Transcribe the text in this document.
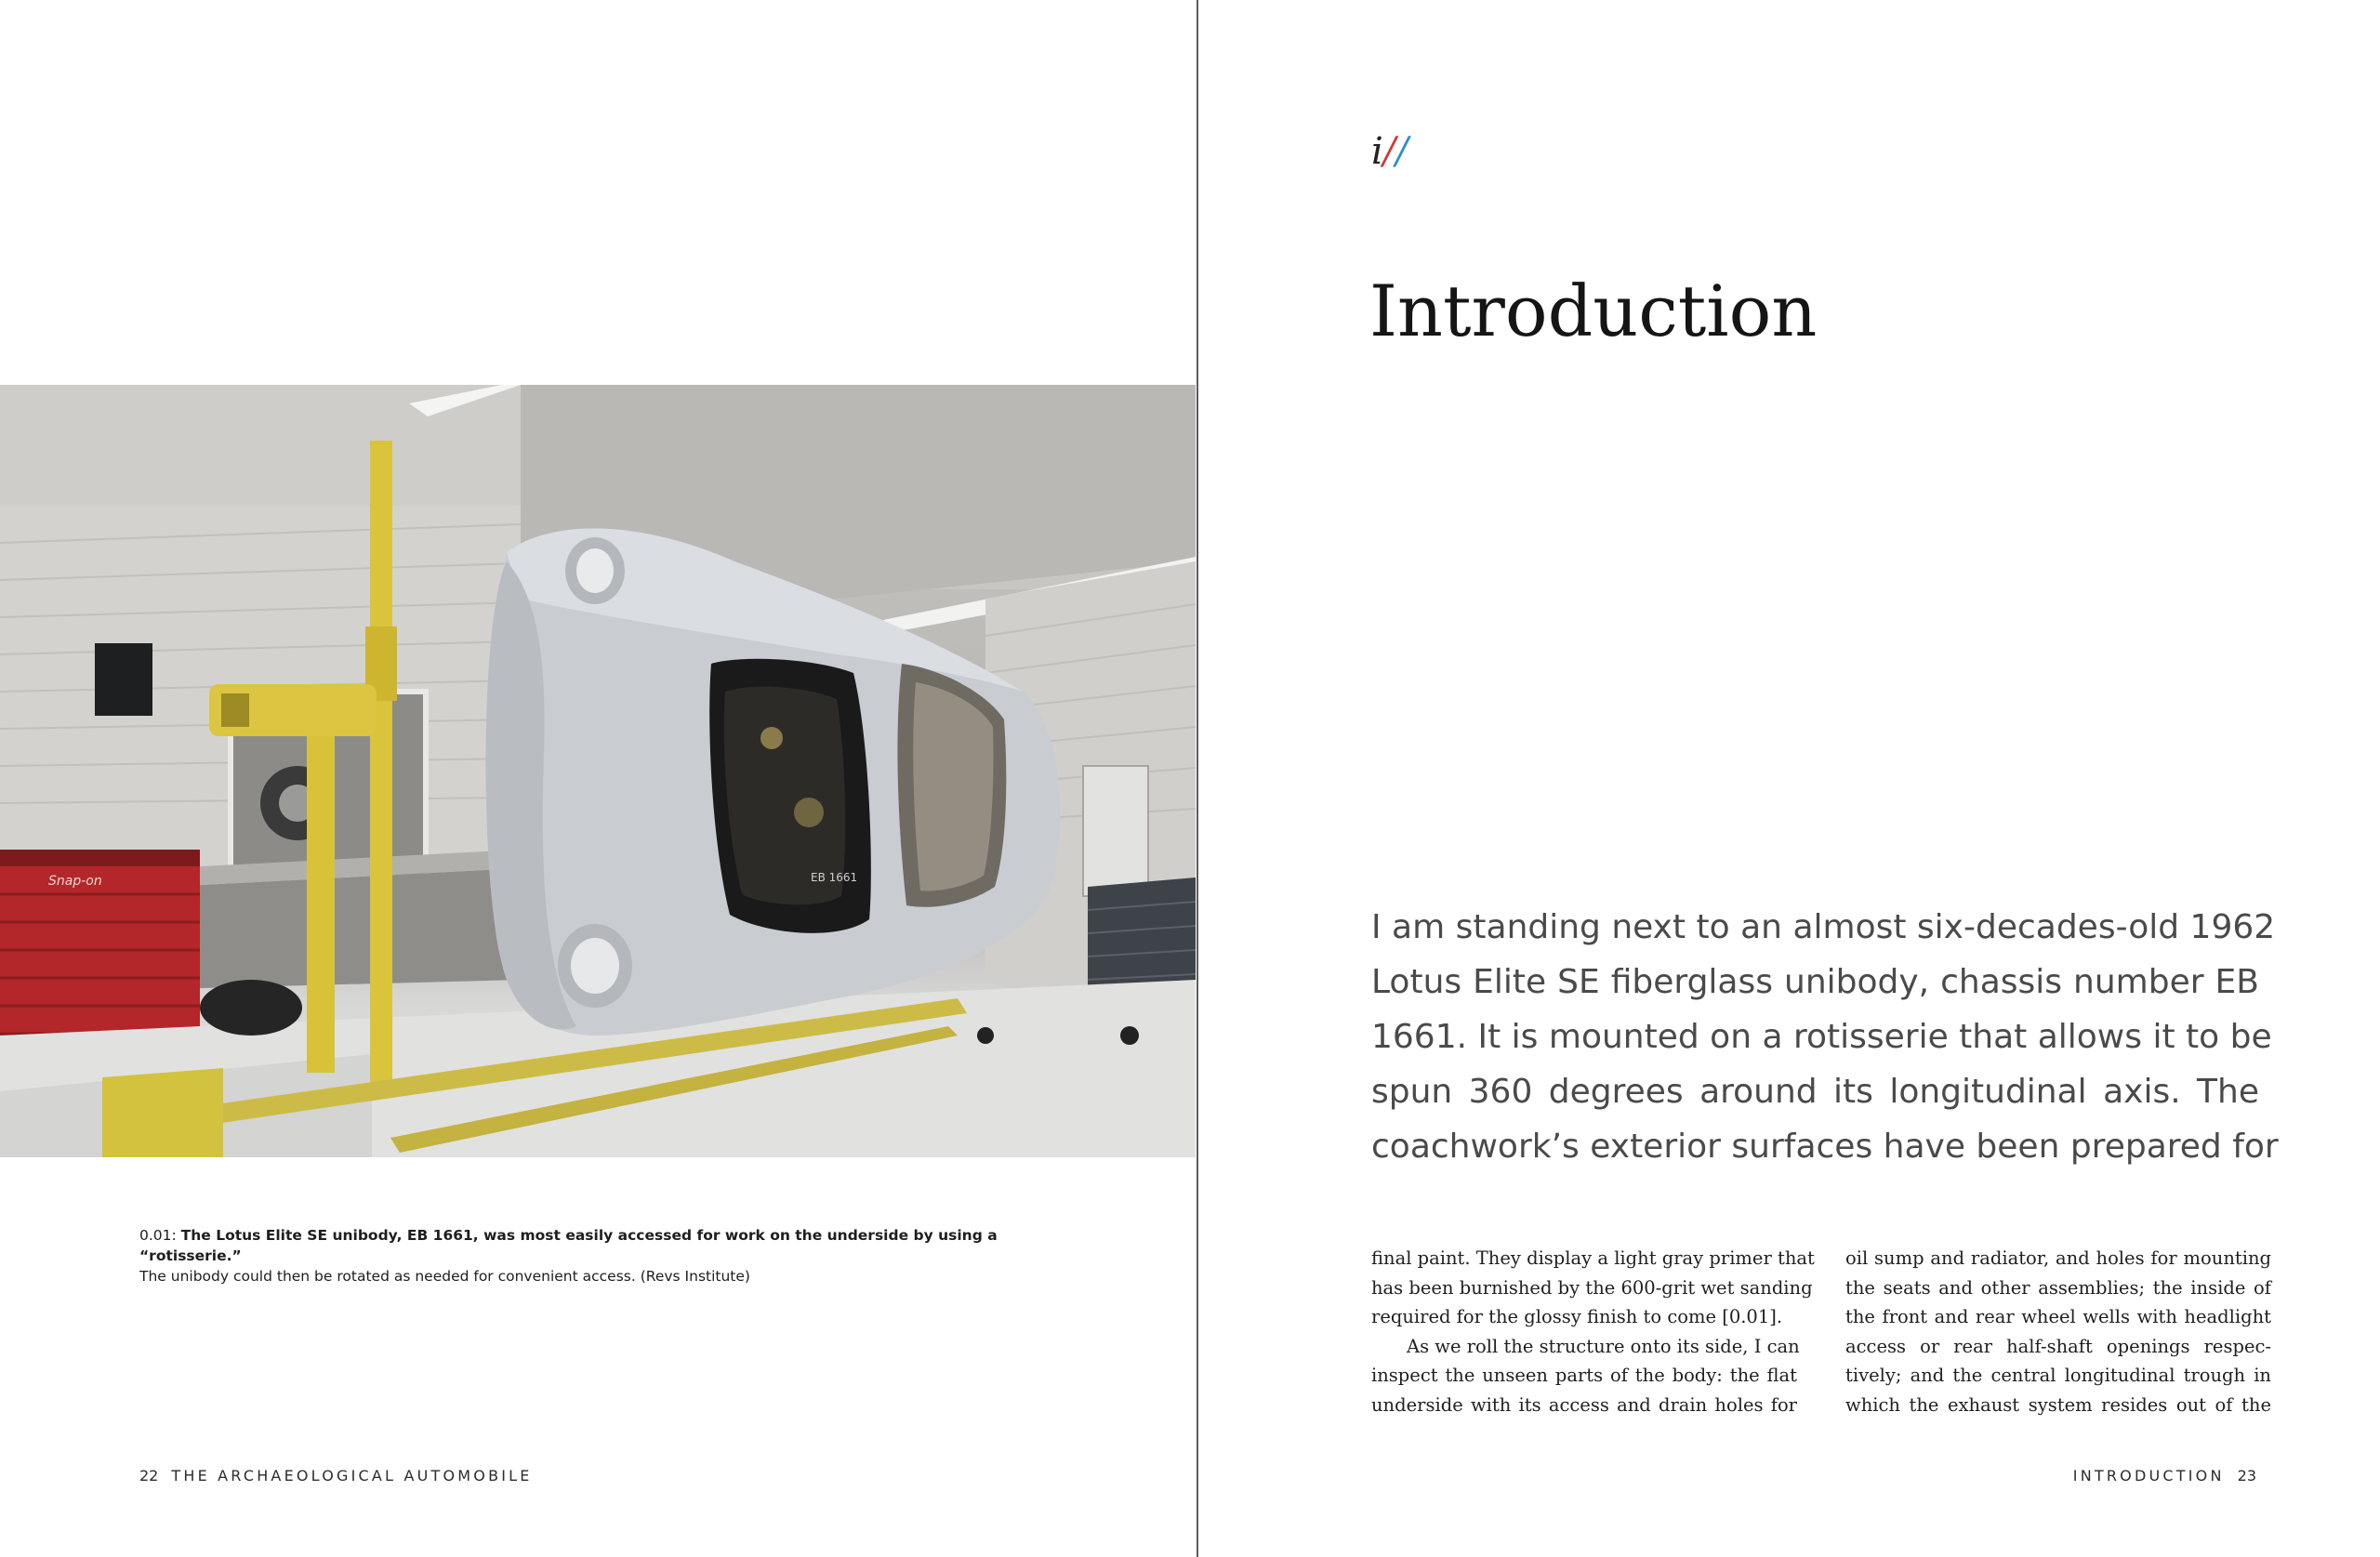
Snap-on	EB 1661
0.01: The Lotus Elite SE unibody, EB 1661, was most easily accessed for work on the underside by using a “rotisserie.”
The unibody could then be rotated as needed for convenient access. (Revs Institute)
22 THE ARCHAEOLOGICAL AUTOMOBILE
i//
Introduction

I am standing next to an almost six-decades-old 1962
Lotus Elite SE fiberglass unibody, chassis number EB
1661. It is mounted on a rotisserie that allows it to be
spun 360 degrees around its longitudinal axis. The
coachwork’s exterior surfaces have been prepared for

final paint. They display a light gray primer that
has been burnished by the 600-grit wet sanding
required for the glossy finish to come [0.01].
As we roll the structure onto its side, I can
inspect the unseen parts of the body: the flat
underside with its access and drain holes for
oil sump and radiator, and holes for mounting
the seats and other assemblies; the inside of
the front and rear wheel wells with headlight
access or rear half-shaft openings respec-
tively; and the central longitudinal trough in
which the exhaust system resides out of the
INTRODUCTION 23
